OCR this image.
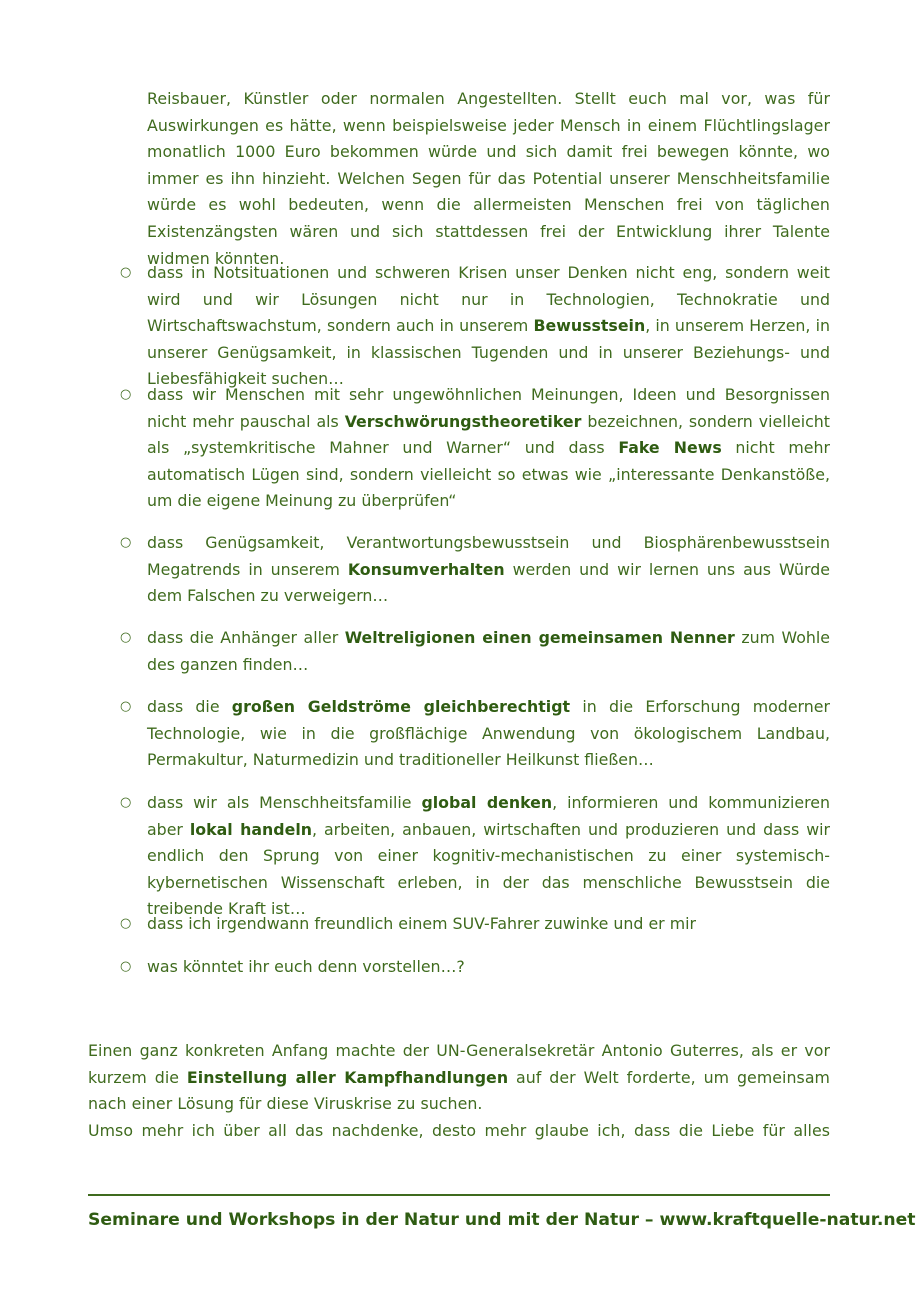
Reisbauer, Künstler oder normalen Angestellten. Stellt euch mal vor, was für Auswirkungen es hätte, wenn beispielsweise jeder Mensch in einem Flüchtlingslager monatlich 1000 Euro bekommen würde und sich damit frei bewegen könnte, wo immer es ihn hinzieht. Welchen Segen für das Potential unserer Menschheitsfamilie würde es wohl bedeuten, wenn die allermeisten Menschen frei von täglichen Existenzängsten wären und sich stattdessen frei der Entwicklung ihrer Talente widmen könnten.
○ dass in Notsituationen und schweren Krisen unser Denken nicht eng, sondern weit wird und wir Lösungen nicht nur in Technologien, Technokratie und Wirtschaftswachstum, sondern auch in unserem Bewusstsein, in unserem Herzen, in unserer Genügsamkeit, in klassischen Tugenden und in unserer Beziehungs- und Liebesfähigkeit suchen…
○ dass wir Menschen mit sehr ungewöhnlichen Meinungen, Ideen und Besorgnissen nicht mehr pauschal als Verschwörungstheoretiker bezeichnen, sondern vielleicht als „systemkritische Mahner und Warner“ und dass Fake News nicht mehr automatisch Lügen sind, sondern vielleicht so etwas wie „interessante Denkanstöße, um die eigene Meinung zu überprüfen“
○ dass Genügsamkeit, Verantwortungsbewusstsein und Biosphärenbewusstsein Megatrends in unserem Konsumverhalten werden und wir lernen uns aus Würde dem Falschen zu verweigern…
○ dass die Anhänger aller Weltreligionen einen gemeinsamen Nenner zum Wohle des ganzen finden…
○ dass die großen Geldströme gleichberechtigt in die Erforschung moderner Technologie, wie in die großflächige Anwendung von ökologischem Landbau, Permakultur, Naturmedizin und traditioneller Heilkunst fließen…
○ dass wir als Menschheitsfamilie global denken, informieren und kommunizieren aber lokal handeln, arbeiten, anbauen, wirtschaften und produzieren und dass wir endlich den Sprung von einer kognitiv-mechanistischen zu einer systemisch-kybernetischen Wissenschaft erleben, in der das menschliche Bewusstsein die treibende Kraft ist…
○ dass ich irgendwann freundlich einem SUV-Fahrer zuwinke und er mir
○ was könntet ihr euch denn vorstellen…?
Einen ganz konkreten Anfang machte der UN-Generalsekretär Antonio Guterres, als er vor kurzem die Einstellung aller Kampfhandlungen auf der Welt forderte, um gemeinsam nach einer Lösung für diese Viruskrise zu suchen.
Umso mehr ich über all das nachdenke, desto mehr glaube ich, dass die Liebe für alles
Seminare und Workshops in der Natur und mit der Natur – www.kraftquelle-natur.net
